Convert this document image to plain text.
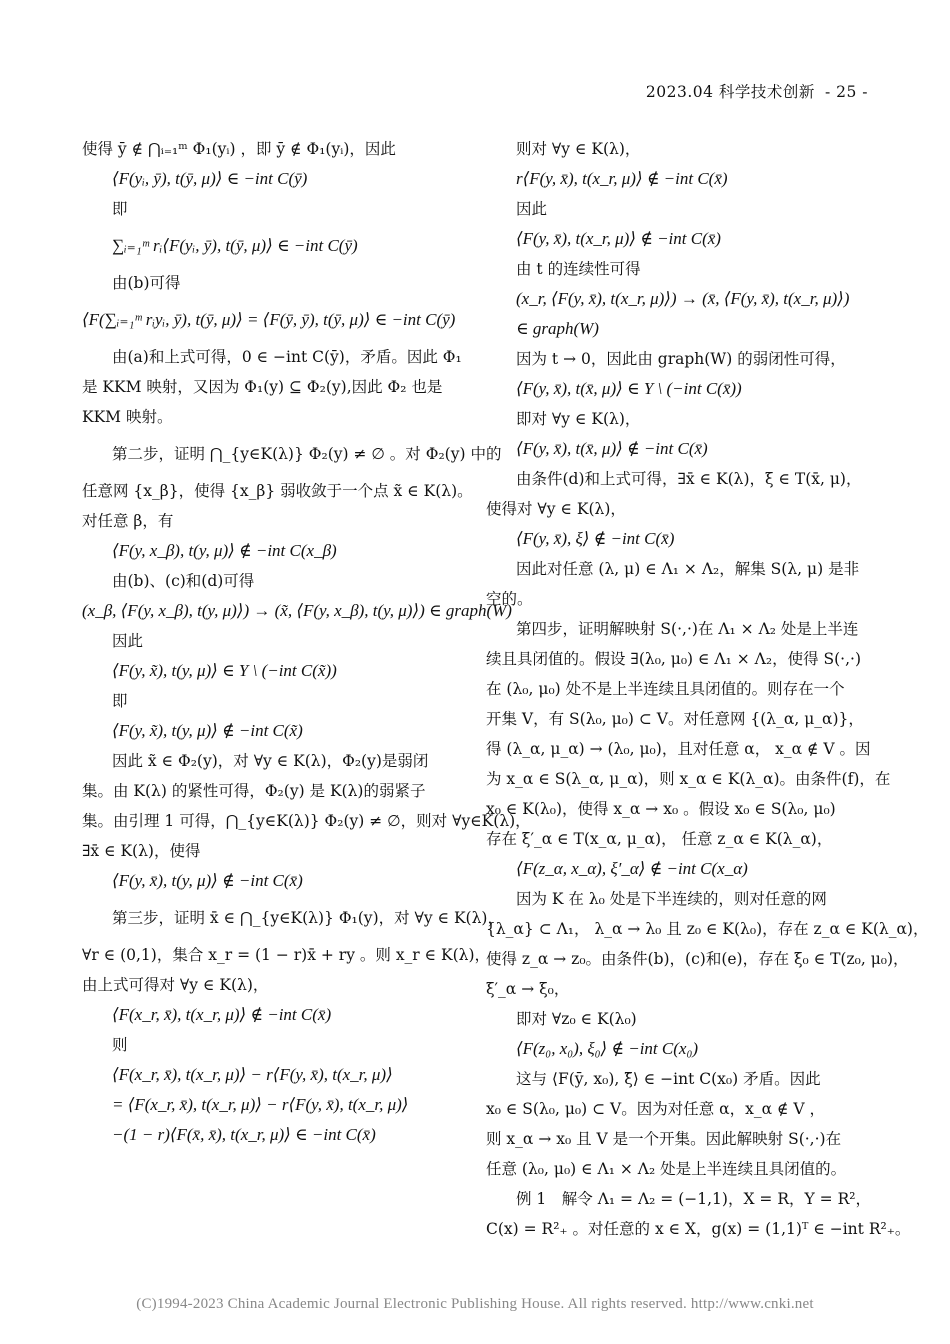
2023.04 科学技术创新 - 25 -
使得 ȳ ∉ ⋂ᵢ₌₁ᵐ Φ₁(yᵢ) ，即 ȳ ∉ Φ₁(yᵢ)，因此
⟨F(yᵢ, ȳ), t(ȳ, μ)⟩ ∈ −int C(ȳ)
即
∑ᵢ₌₁ᵐ rᵢ⟨F(yᵢ, ȳ), t(ȳ, μ)⟩ ∈ −int C(ȳ)
由(b)可得
⟨F(∑ᵢ₌₁ᵐ rᵢyᵢ, ȳ), t(ȳ, μ)⟩ = ⟨F(ȳ, ȳ), t(ȳ, μ)⟩ ∈ −int C(ȳ)
由(a)和上式可得，0 ∈ −int C(ȳ)，矛盾。因此 Φ₁
是 KKM 映射，又因为 Φ₁(y) ⊆ Φ₂(y),因此 Φ₂ 也是
KKM 映射。
第二步，证明 ⋂_{y∈K(λ)} Φ₂(y) ≠ ∅ 。对 Φ₂(y) 中的
任意网 {x_β}，使得 {x_β} 弱收敛于一个点 x̃ ∈ K(λ)。
对任意 β，有
⟨F(y, x_β), t(y, μ)⟩ ∉ −int C(x_β)
由(b)、(c)和(d)可得
(x_β, ⟨F(y, x_β), t(y, μ)⟩) → (x̃, ⟨F(y, x_β), t(y, μ)⟩) ∈ graph(W)
因此
⟨F(y, x̃), t(y, μ)⟩ ∈ Y \ (−int C(x̃))
即
⟨F(y, x̃), t(y, μ)⟩ ∉ −int C(x̃)
因此 x̃ ∈ Φ₂(y)，对 ∀y ∈ K(λ)，Φ₂(y)是弱闭
集。由 K(λ) 的紧性可得，Φ₂(y) 是 K(λ)的弱紧子
集。由引理 1 可得，⋂_{y∈K(λ)} Φ₂(y) ≠ ∅，则对 ∀y∈K(λ)，
∃x̄ ∈ K(λ)，使得
⟨F(y, x̄), t(y, μ)⟩ ∉ −int C(x̄)
第三步，证明 x̄ ∈ ⋂_{y∈K(λ)} Φ₁(y)，对 ∀y ∈ K(λ)，
∀r ∈ (0,1)，集合 x_r = (1 − r)x̄ + ry 。则 x_r ∈ K(λ)，
由上式可得对 ∀y ∈ K(λ)，
⟨F(x_r, x̄), t(x_r, μ)⟩ ∉ −int C(x̄)
则
⟨F(x_r, x̄), t(x_r, μ)⟩ − r⟨F(y, x̄), t(x_r, μ)⟩
= ⟨F(x_r, x̄), t(x_r, μ)⟩ − r⟨F(y, x̄), t(x_r, μ)⟩
−(1 − r)⟨F(x̄, x̄), t(x_r, μ)⟩ ∈ −int C(x̄)
则对 ∀y ∈ K(λ)，
r⟨F(y, x̄), t(x_r, μ)⟩ ∉ −int C(x̄)
因此
⟨F(y, x̄), t(x_r, μ)⟩ ∉ −int C(x̄)
由 t 的连续性可得
(x_r, ⟨F(y, x̄), t(x_r, μ)⟩) → (x̄, ⟨F(y, x̄), t(x_r, μ)⟩)
∈ graph(W)
因为 t → 0，因此由 graph(W) 的弱闭性可得，
⟨F(y, x̄), t(x̄, μ)⟩ ∈ Y \ (−int C(x̄))
即对 ∀y ∈ K(λ)，
⟨F(y, x̄), t(x̄, μ)⟩ ∉ −int C(x̄)
由条件(d)和上式可得，∃x̄ ∈ K(λ)，ξ ∈ T(x̄, μ)，
使得对 ∀y ∈ K(λ)，
⟨F(y, x̄), ξ⟩ ∉ −int C(x̄)
因此对任意 (λ, μ) ∈ Λ₁ × Λ₂，解集 S(λ, μ) 是非
空的。
第四步，证明解映射 S(·,·)在 Λ₁ × Λ₂ 处是上半连
续且具闭值的。假设 ∃(λ₀, μ₀) ∈ Λ₁ × Λ₂，使得 S(·,·)
在 (λ₀, μ₀) 处不是上半连续且具闭值的。则存在一个
开集 V，有 S(λ₀, μ₀) ⊂ V。对任意网 {(λ_α, μ_α)}，
得 (λ_α, μ_α) → (λ₀, μ₀)，且对任意 α， x_α ∉ V 。因
为 x_α ∈ S(λ_α, μ_α)，则 x_α ∈ K(λ_α)。由条件(f)，在
x₀ ∈ K(λ₀)，使得 x_α → x₀ 。假设 x₀ ∈ S(λ₀, μ₀)
存在 ξ′_α ∈ T(x_α, μ_α)， 任意 z_α ∈ K(λ_α)，
⟨F(z_α, x_α), ξ′_α⟩ ∉ −int C(x_α)
因为 K 在 λ₀ 处是下半连续的，则对任意的网
{λ_α} ⊂ Λ₁， λ_α → λ₀ 且 z₀ ∈ K(λ₀)，存在 z_α ∈ K(λ_α)，
使得 z_α → z₀。由条件(b)，(c)和(e)，存在 ξ₀ ∈ T(z₀, μ₀)，
ξ′_α → ξ₀，
即对 ∀z₀ ∈ K(λ₀)
⟨F(z₀, x₀), ξ₀⟩ ∉ −int C(x₀)
这与 ⟨F(ȳ, x₀), ξ̄⟩ ∈ −int C(x₀) 矛盾。因此
x₀ ∈ S(λ₀, μ₀) ⊂ V。因为对任意 α，x_α ∉ V ，
则 x_α → x₀ 且 V 是一个开集。因此解映射 S(·,·)在
任意 (λ₀, μ₀) ∈ Λ₁ × Λ₂ 处是上半连续且具闭值的。
例 1　解令 Λ₁ = Λ₂ = (−1,1)，X = R，Y = R²，
C(x) = R²₊ 。对任意的 x ∈ X，g(x) = (1,1)ᵀ ∈ −int R²₊。
(C)1994-2023 China Academic Journal Electronic Publishing House. All rights reserved. http://www.cnki.net
